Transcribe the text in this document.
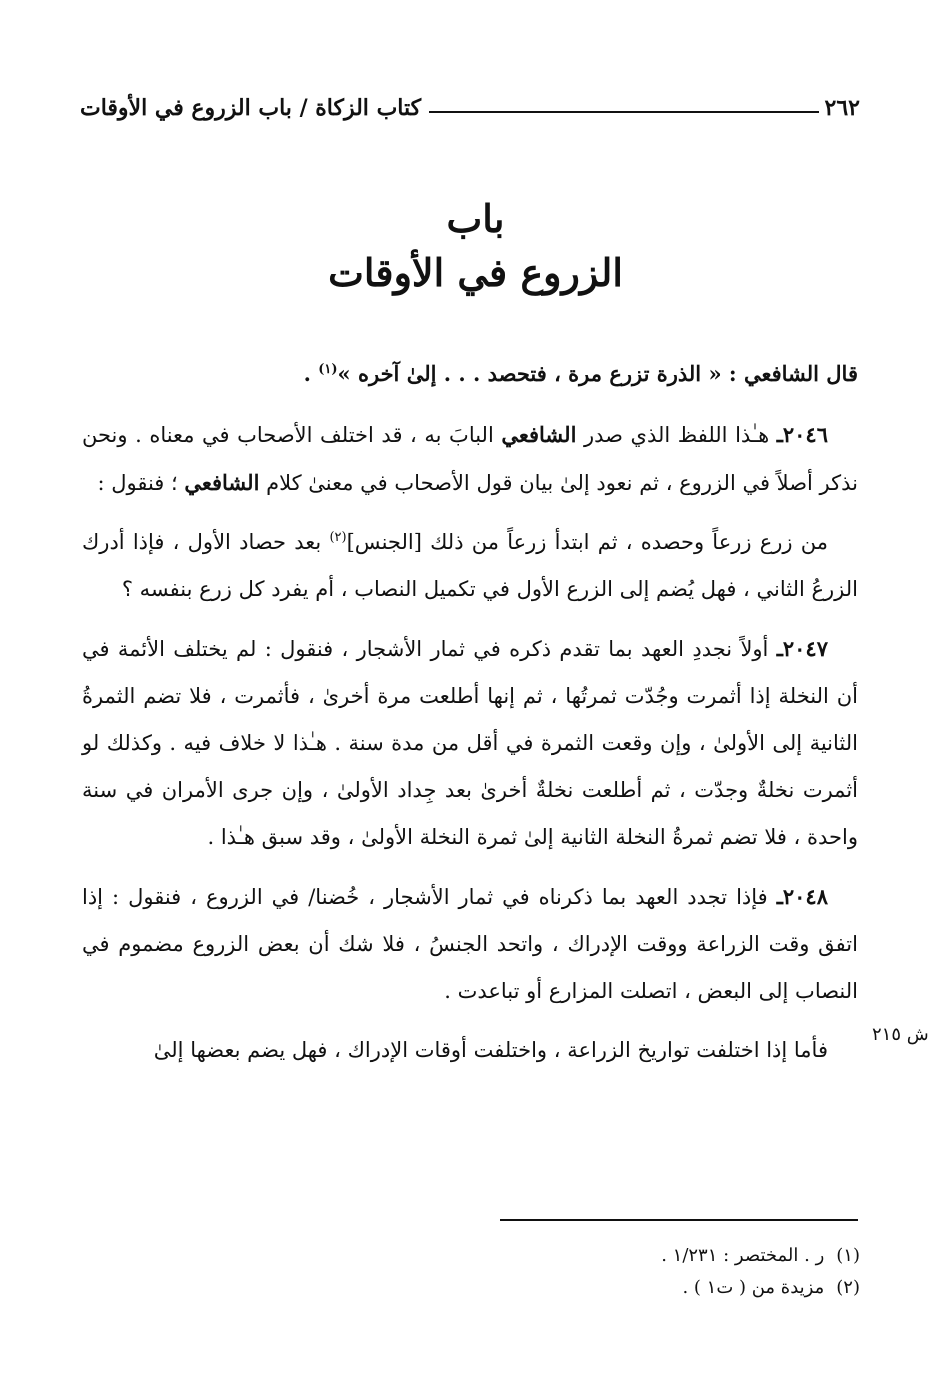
٢٦٢
كتاب الزكاة / باب الزروع في الأوقات
باب
الزروع في الأوقات

قال الشافعي : « الذرة تزرع مرة ، فتحصد . . . إلىٰ آخره »$^{(١)}$ .

٢٠٤٦ـ هـٰذا اللفظ الذي صدر الشافعي البابَ به ، قد اختلف الأصحاب في معناه . ونحن نذكر أصلاً في الزروع ، ثم نعود إلىٰ بيان قول الأصحاب في معنىٰ كلام الشافعي ؛ فنقول :

من زرع زرعاً وحصده ، ثم ابتدأ زرعاً من ذلك [الجنس]$^{(٢)}$ بعد حصاد الأول ، فإذا أدرك الزرعُ الثاني ، فهل يُضم إلى الزرع الأول في تكميل النصاب ، أم يفرد كل زرع بنفسه ؟

٢٠٤٧ـ أولاً نجددِ العهد بما تقدم ذكره في ثمار الأشجار ، فنقول : لم يختلف الأئمة في أن النخلة إذا أثمرت وجُدّت ثمرتُها ، ثم إنها أطلعت مرة أخرىٰ ، فأثمرت ، فلا تضم الثمرةُ الثانية إلى الأولىٰ ، وإن وقعت الثمرة في أقل من مدة سنة . هـٰذا لا خلاف فيه . وكذلك لو أثمرت نخلةٌ وجدّت ، ثم أطلعت نخلةٌ أخرىٰ بعد جِداد الأولىٰ ، وإن جرى الأمران في سنة واحدة ، فلا تضم ثمرةُ النخلة الثانية إلىٰ ثمرة النخلة الأولىٰ ، وقد سبق هـٰذا .

٢٠٤٨ـ فإذا تجدد العهد بما ذكرناه في ثمار الأشجار ، خُضنا/ في الزروع ، فنقول : إذا اتفق وقت الزراعة ووقت الإدراك ، واتحد الجنسُ ، فلا شك أن بعض الزروع مضموم في النصاب إلى البعض ، اتصلت المزارع أو تباعدت .

فأما إذا اختلفت تواريخ الزراعة ، واختلفت أوقات الإدراك ، فهل يضم بعضها إلىٰ

ش ٢١٥
(١)ر . المختصر : ١/٢٣١ .
(٢)مزيدة من ( ت١ ) .
